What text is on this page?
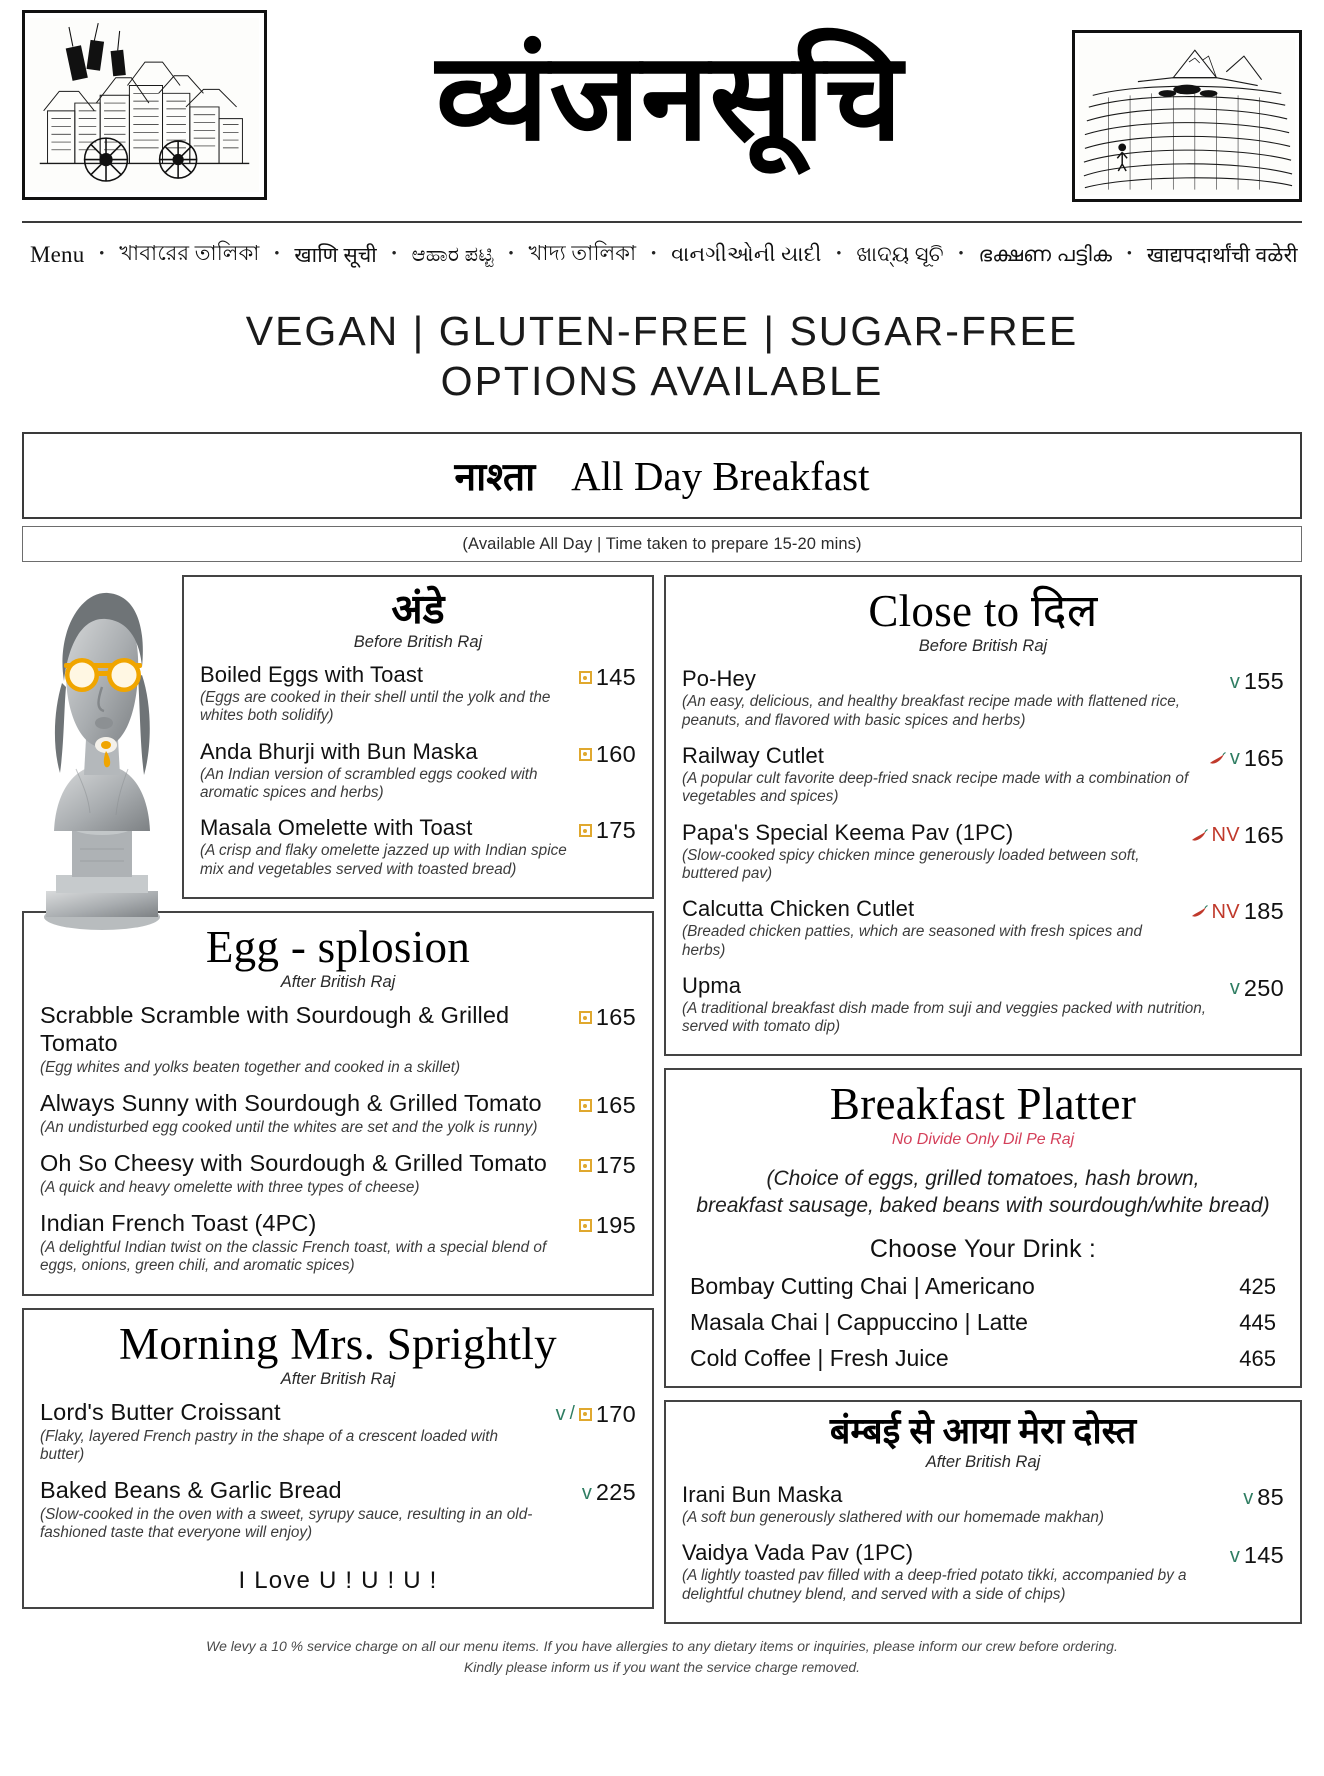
व्यंजनसूचि
Menu • খাবারের তালিকা • खाणि सूची • ಆಹಾರ ಪಟ್ಟಿ • খাদ্য তালিকা • વાનગીઓની યાદી • ଖାଦ୍ୟ ସୂଚି • ഭക്ഷണ പട്ടിക • खाद्यपदार्थांची वळेरी
VEGAN | GLUTEN-FREE | SUGAR-FREE
OPTIONS AVAILABLE
नाश्ता All Day Breakfast
(Available All Day | Time taken to prepare 15-20 mins)
अंडे
Before British Raj
Boiled Eggs with Toast
(Eggs are cooked in their shell until the yolk and the whites both solidify)
145
Anda Bhurji with Bun Maska
(An Indian version of scrambled eggs cooked with aromatic spices and herbs)
160
Masala Omelette with Toast
(A crisp and flaky omelette jazzed up with Indian spice mix and vegetables served with toasted bread)
175
Egg - splosion
After British Raj
Scrabble Scramble with Sourdough & Grilled Tomato
(Egg whites and yolks beaten together and cooked in a skillet)
165
Always Sunny with Sourdough & Grilled Tomato
(An undisturbed egg cooked until the whites are set and the yolk is runny)
165
Oh So Cheesy with Sourdough & Grilled Tomato
(A quick and heavy omelette with three types of cheese)
175
Indian French Toast (4PC)
(A delightful Indian twist on the classic French toast, with a special blend of eggs, onions, green chili, and aromatic spices)
195
Morning Mrs. Sprightly
After British Raj
Lord's Butter Croissant
(Flaky, layered French pastry in the shape of a crescent loaded with butter)
v / 170
Baked Beans & Garlic Bread
(Slow-cooked in the oven with a sweet, syrupy sauce, resulting in an old-fashioned taste that everyone will enjoy)
v 225
I Love U ! U ! U !
Close to दिल
Before British Raj
Po-Hey
(An easy, delicious, and healthy breakfast recipe made with flattened rice, peanuts, and flavored with basic spices and herbs)
v 155
Railway Cutlet
(A popular cult favorite deep-fried snack recipe made with a combination of vegetables and spices)
v 165
Papa's Special Keema Pav (1PC)
(Slow-cooked spicy chicken mince generously loaded between soft, buttered pav)
NV 165
Calcutta Chicken Cutlet
(Breaded chicken patties, which are seasoned with fresh spices and herbs)
NV 185
Upma
(A traditional breakfast dish made from suji and veggies packed with nutrition, served with tomato dip)
v 250
Breakfast Platter
No Divide Only Dil Pe Raj
(Choice of eggs, grilled tomatoes, hash brown,
breakfast sausage, baked beans with sourdough/white bread)
Choose Your Drink :
Bombay Cutting Chai | Americano	425
Masala Chai | Cappuccino | Latte	445
Cold Coffee | Fresh Juice	465
बंम्बई से आया मेरा दोस्त
After British Raj
Irani Bun Maska
(A soft bun generously slathered with our homemade makhan)
v 85
Vaidya Vada Pav (1PC)
(A lightly toasted pav filled with a deep-fried potato tikki, accompanied by a delightful chutney blend, and served with a side of chips)
v 145
We levy a 10 % service charge on all our menu items. If you have allergies to any dietary items or inquiries, please inform our crew before ordering.
Kindly please inform us if you want the service charge removed.
